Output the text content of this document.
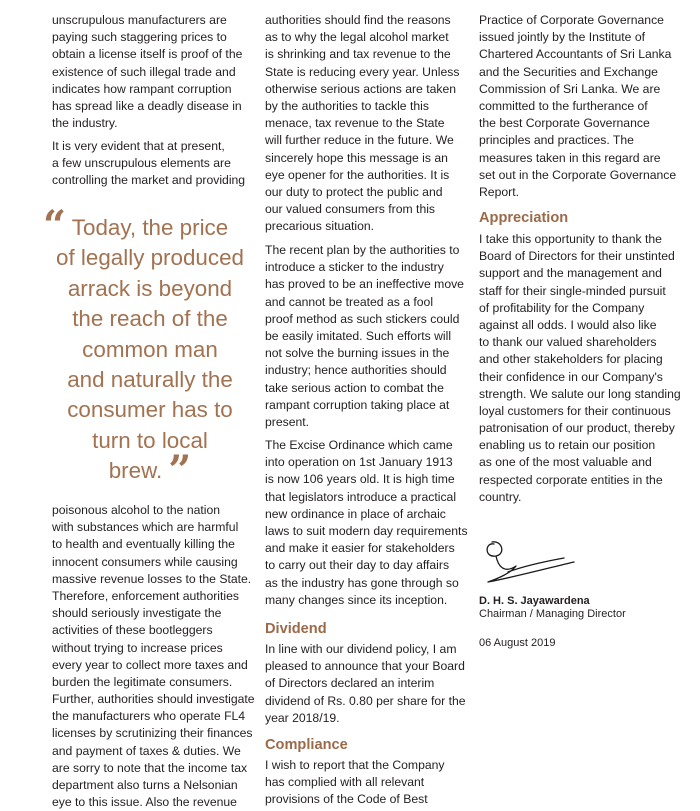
unscrupulous manufacturers are
paying such staggering prices to
obtain a license itself is proof of the
existence of such illegal trade and
indicates how rampant corruption
has spread like a deadly disease in
the industry.
It is very evident that at present,
a few unscrupulous elements are
controlling the market and providing
poisonous alcohol to the nation
with substances which are harmful
to health and eventually killing the
innocent consumers while causing
massive revenue losses to the State.
Therefore, enforcement authorities
should seriously investigate the
activities of these bootleggers
without trying to increase prices
every year to collect more taxes and
burden the legitimate consumers.
Further, authorities should investigate
the manufacturers who operate FL4
licenses by scrutinizing their finances
and payment of taxes & duties. We
are sorry to note that the income tax
department also turns a Nelsonian
eye to this issue. Also the revenue
“ Today, the price
of legally produced
arrack is beyond
the reach of the
common man
and naturally the
consumer has to
turn to local
brew. ”
authorities should find the reasons
as to why the legal alcohol market
is shrinking and tax revenue to the
State is reducing every year. Unless
otherwise serious actions are taken
by the authorities to tackle this
menace, tax revenue to the State
will further reduce in the future. We
sincerely hope this message is an
eye opener for the authorities. It is
our duty to protect the public and
our valued consumers from this
precarious situation.
The recent plan by the authorities to
introduce a sticker to the industry
has proved to be an ineffective move
and cannot be treated as a fool
proof method as such stickers could
be easily imitated. Such efforts will
not solve the burning issues in the
industry; hence authorities should
take serious action to combat the
rampant corruption taking place at
present.
The Excise Ordinance which came
into operation on 1st January 1913
is now 106 years old. It is high time
that legislators introduce a practical
new ordinance in place of archaic
laws to suit modern day requirements
and make it easier for stakeholders
to carry out their day to day affairs
as the industry has gone through so
many changes since its inception.
Dividend
In line with our dividend policy, I am
pleased to announce that your Board
of Directors declared an interim
dividend of Rs. 0.80 per share for the
year 2018/19.
Compliance
I wish to report that the Company
has complied with all relevant
provisions of the Code of Best
Practice of Corporate Governance
issued jointly by the Institute of
Chartered Accountants of Sri Lanka
and the Securities and Exchange
Commission of Sri Lanka. We are
committed to the furtherance of
the best Corporate Governance
principles and practices. The
measures taken in this regard are
set out in the Corporate Governance
Report.
Appreciation
I take this opportunity to thank the
Board of Directors for their unstinted
support and the management and
staff for their single-minded pursuit
of profitability for the Company
against all odds. I would also like
to thank our valued shareholders
and other stakeholders for placing
their confidence in our Company's
strength. We salute our long standing
loyal customers for their continuous
patronisation of our product, thereby
enabling us to retain our position
as one of the most valuable and
respected corporate entities in the
country.
D. H. S. Jayawardena
Chairman / Managing Director
06 August 2019
